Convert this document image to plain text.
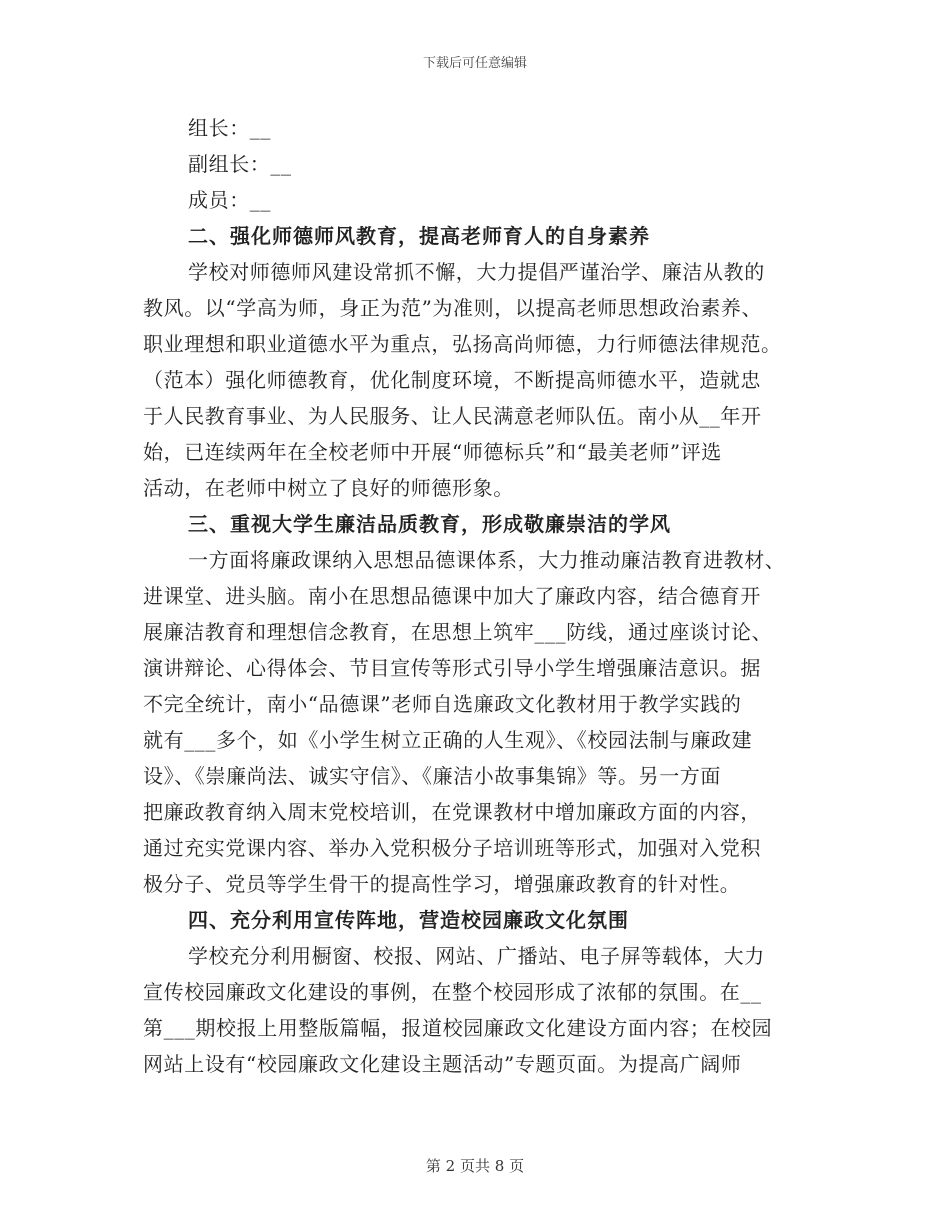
下载后可任意编辑
组长：__
副组长：__
成员：__
二、强化师德师风教育，提高老师育人的自身素养
学校对师德师风建设常抓不懈，大力提倡严谨治学、廉洁从教的
教风。以“学高为师，身正为范”为准则，以提高老师思想政治素养、
职业理想和职业道德水平为重点，弘扬高尚师德，力行师德法律规范。
（范本）强化师德教育，优化制度环境，不断提高师德水平，造就忠
于人民教育事业、为人民服务、让人民满意老师队伍。南小从__年开
始，已连续两年在全校老师中开展“师德标兵”和“最美老师”评选
活动，在老师中树立了良好的师德形象。
三、重视大学生廉洁品质教育，形成敬廉崇洁的学风
一方面将廉政课纳入思想品德课体系，大力推动廉洁教育进教材、
进课堂、进头脑。南小在思想品德课中加大了廉政内容，结合德育开
展廉洁教育和理想信念教育，在思想上筑牢___防线，通过座谈讨论、
演讲辩论、心得体会、节目宣传等形式引导小学生增强廉洁意识。据
不完全统计，南小“品德课”老师自选廉政文化教材用于教学实践的
就有___多个，如《小学生树立正确的人生观》、《校园法制与廉政建
设》、《崇廉尚法、诚实守信》、《廉洁小故事集锦》等。另一方面
把廉政教育纳入周末党校培训，在党课教材中增加廉政方面的内容，
通过充实党课内容、举办入党积极分子培训班等形式，加强对入党积
极分子、党员等学生骨干的提高性学习，增强廉政教育的针对性。
四、充分利用宣传阵地，营造校园廉政文化氛围
学校充分利用橱窗、校报、网站、广播站、电子屏等载体，大力
宣传校园廉政文化建设的事例，在整个校园形成了浓郁的氛围。在__
第___期校报上用整版篇幅，报道校园廉政文化建设方面内容；在校园
网站上设有“校园廉政文化建设主题活动”专题页面。为提高广阔师
第 2 页共 8 页
